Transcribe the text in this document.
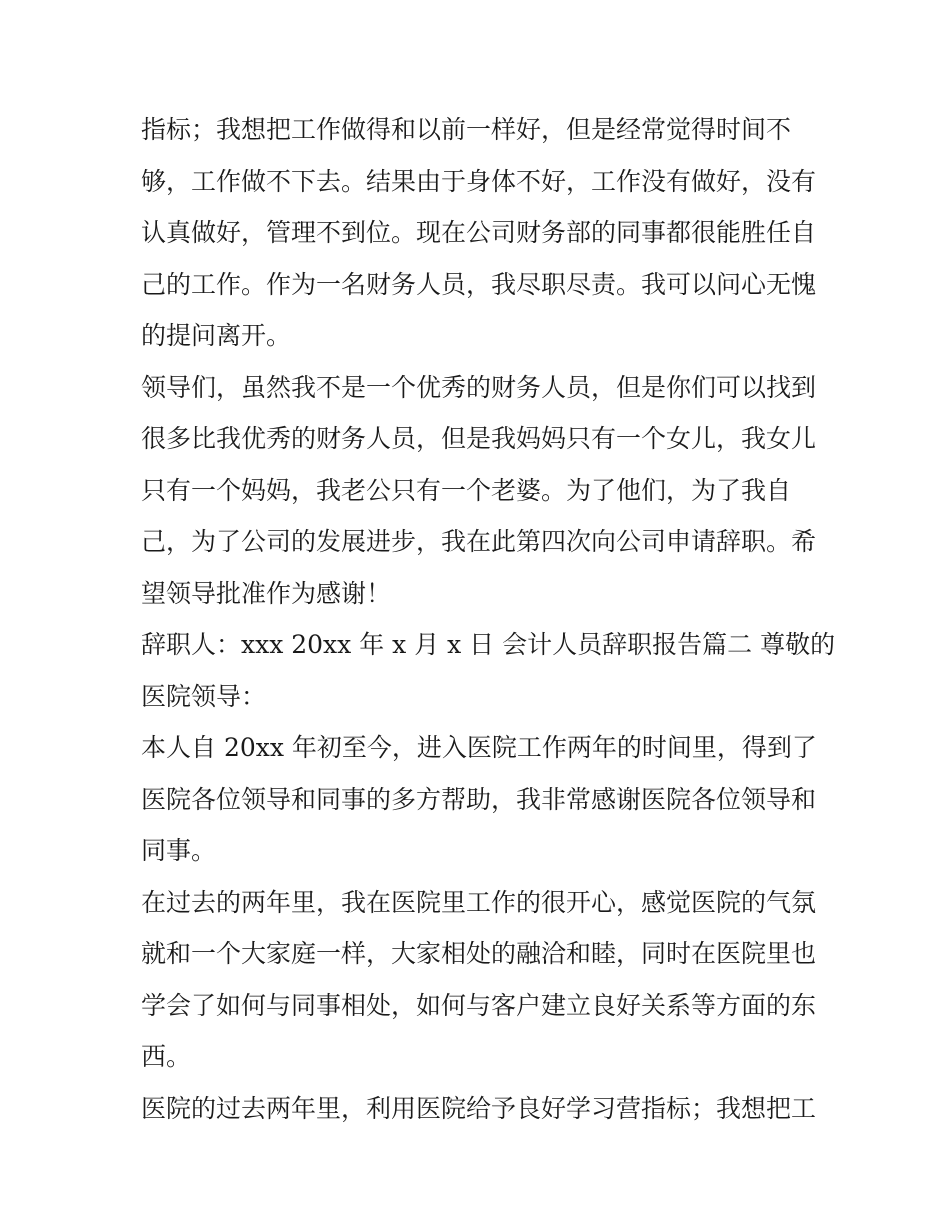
指标；我想把工作做得和以前一样好，但是经常觉得时间不
够，工作做不下去。结果由于身体不好，工作没有做好，没有
认真做好，管理不到位。现在公司财务部的同事都很能胜任自
己的工作。作为一名财务人员，我尽职尽责。我可以问心无愧
的提问离开。
领导们，虽然我不是一个优秀的财务人员，但是你们可以找到
很多比我优秀的财务人员，但是我妈妈只有一个女儿，我女儿
只有一个妈妈，我老公只有一个老婆。为了他们，为了我自
己，为了公司的发展进步，我在此第四次向公司申请辞职。希
望领导批准作为感谢！
辞职人：xxx 20xx 年 x 月 x 日 会计人员辞职报告篇二 尊敬的
医院领导：
本人自 20xx 年初至今，进入医院工作两年的时间里，得到了
医院各位领导和同事的多方帮助，我非常感谢医院各位领导和
同事。
在过去的两年里，我在医院里工作的很开心，感觉医院的气氛
就和一个大家庭一样，大家相处的融洽和睦，同时在医院里也
学会了如何与同事相处，如何与客户建立良好关系等方面的东
西。
医院的过去两年里，利用医院给予良好学习营指标；我想把工
